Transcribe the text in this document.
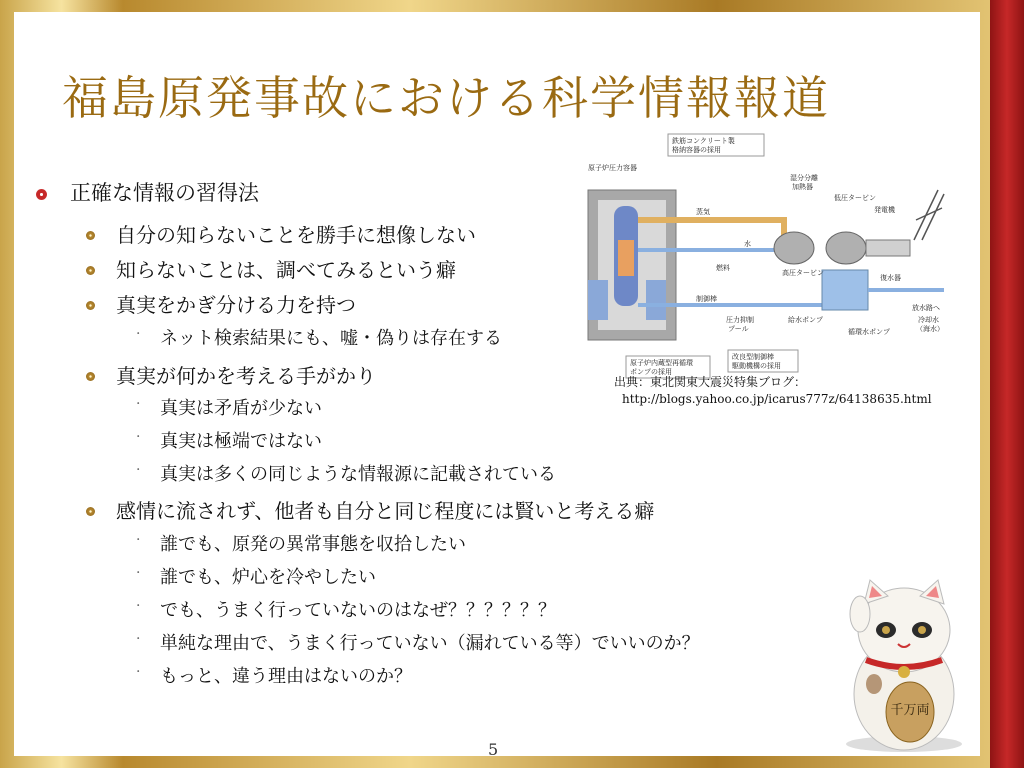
福島原発事故における科学情報報道
正確な情報の習得法
自分の知らないことを勝手に想像しない
知らないことは、調べてみるという癖
真実をかぎ分ける力を持つ
· ネット検索結果にも、嘘・偽りは存在する
真実が何かを考える手がかり
· 真実は矛盾が少ない
· 真実は極端ではない
· 真実は多くの同じような情報源に記載されている
感情に流されず、他者も自分と同じ程度には賢いと考える癖
· 誰でも、原発の異常事態を収拾したい
· 誰でも、炉心を冷やしたい
· でも、うまく行っていないのはなぜ？？？？？？
· 単純な理由で、うまく行っていない（漏れている等）でいいのか？
· もっと、違う理由はないのか？
鉄筋コンクリート製
格納容器の採用
原子炉圧力容器
蒸気
湿分分離
加熱器
低圧タービン
発電機
水
燃料
高圧タービン
復水器
制御棒
放水路へ
冷却水
（海水）
圧力抑制
プール
給水ポンプ
循環水ポンプ
原子炉内蔵型再循環
ポンプの採用
改良型制御棒
駆動機構の採用
出典：東北関東大震災特集ブログ：
http://blogs.yahoo.co.jp/icarus777z/64138635.html
千万両
5
